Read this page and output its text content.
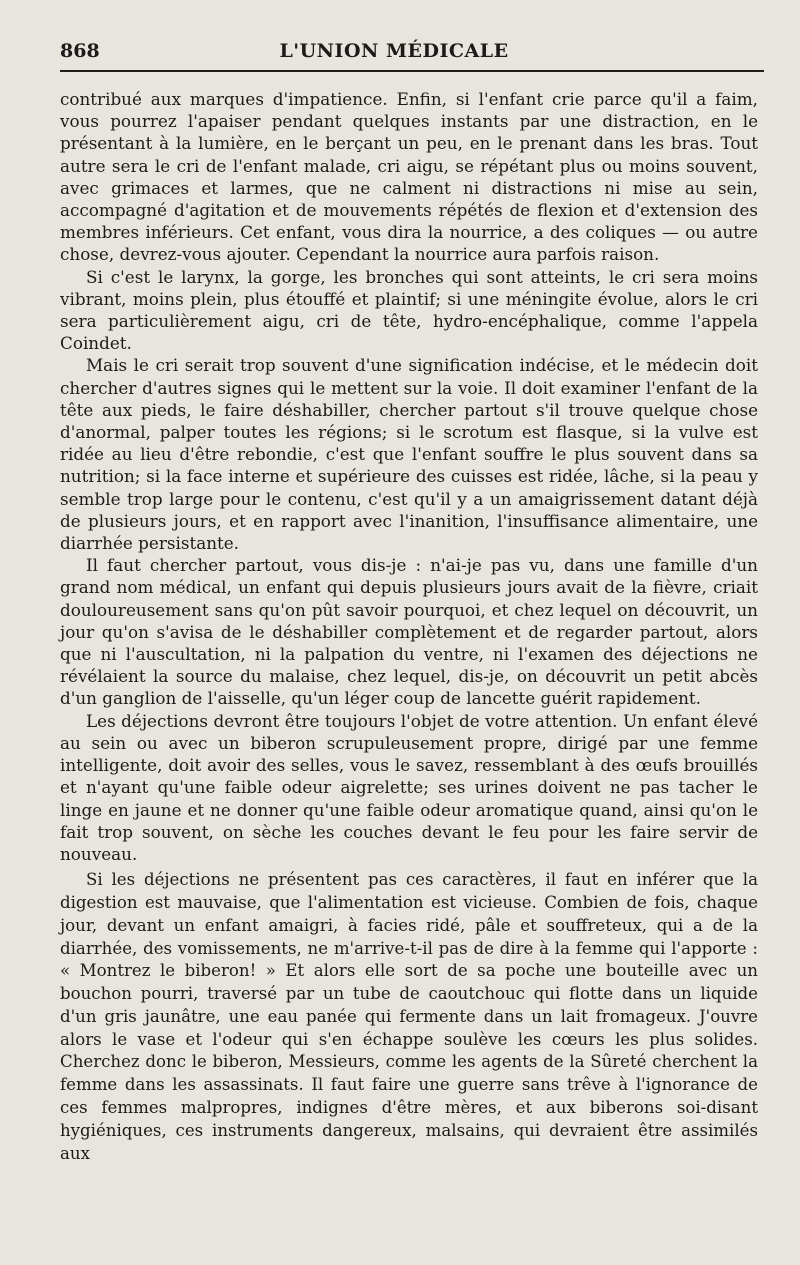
868	L'UNION MÉDICALE

contribué aux marques d'impatience. Enfin, si l'enfant crie parce qu'il a faim, vous pourrez l'apaiser pendant quelques instants par une distraction, en le présentant à la lumière, en le berçant un peu, en le prenant dans les bras. Tout autre sera le cri de l'enfant malade, cri aigu, se répétant plus ou moins souvent, avec grimaces et larmes, que ne calment ni distractions ni mise au sein, accompagné d'agitation et de mouvements répétés de flexion et d'extension des membres inférieurs. Cet enfant, vous dira la nourrice, a des coliques — ou autre chose, devrez-vous ajouter. Cependant la nourrice aura parfois raison.

Si c'est le larynx, la gorge, les bronches qui sont atteints, le cri sera moins vibrant, moins plein, plus étouffé et plaintif; si une méningite évolue, alors le cri sera particulièrement aigu, cri de tête, hydro-encéphalique, comme l'appela Coindet.

Mais le cri serait trop souvent d'une signification indécise, et le médecin doit chercher d'autres signes qui le mettent sur la voie. Il doit examiner l'enfant de la tête aux pieds, le faire déshabiller, chercher partout s'il trouve quelque chose d'anormal, palper toutes les régions; si le scrotum est flasque, si la vulve est ridée au lieu d'être rebondie, c'est que l'enfant souffre le plus souvent dans sa nutrition; si la face interne et supérieure des cuisses est ridée, lâche, si la peau y semble trop large pour le contenu, c'est qu'il y a un amaigrissement datant déjà de plusieurs jours, et en rapport avec l'inanition, l'insuffisance alimentaire, une diarrhée persistante.

Il faut chercher partout, vous dis-je : n'ai-je pas vu, dans une famille d'un grand nom médical, un enfant qui depuis plusieurs jours avait de la fièvre, criait douloureusement sans qu'on pût savoir pourquoi, et chez lequel on découvrit, un jour qu'on s'avisa de le déshabiller complètement et de regarder partout, alors que ni l'auscultation, ni la palpation du ventre, ni l'examen des déjections ne révélaient la source du malaise, chez lequel, dis-je, on découvrit un petit abcès d'un ganglion de l'aisselle, qu'un léger coup de lancette guérit rapidement.

Les déjections devront être toujours l'objet de votre attention. Un enfant élevé au sein ou avec un biberon scrupuleusement propre, dirigé par une femme intelligente, doit avoir des selles, vous le savez, ressemblant à des œufs brouillés et n'ayant qu'une faible odeur aigrelette; ses urines doivent ne pas tacher le linge en jaune et ne donner qu'une faible odeur aromatique quand, ainsi qu'on le fait trop souvent, on sèche les couches devant le feu pour les faire servir de nouveau.

Si les déjections ne présentent pas ces caractères, il faut en inférer que la digestion est mauvaise, que l'alimentation est vicieuse. Combien de fois, chaque jour, devant un enfant amaigri, à facies ridé, pâle et souffreteux, qui a de la diarrhée, des vomissements, ne m'arrive-t-il pas de dire à la femme qui l'apporte : « Montrez le biberon! » Et alors elle sort de sa poche une bouteille avec un bouchon pourri, traversé par un tube de caoutchouc qui flotte dans un liquide d'un gris jaunâtre, une eau panée qui fermente dans un lait fromageux. J'ouvre alors le vase et l'odeur qui s'en échappe soulève les cœurs les plus solides. Cherchez donc le biberon, Messieurs, comme les agents de la Sûreté cherchent la femme dans les assassinats. Il faut faire une guerre sans trêve à l'ignorance de ces femmes malpropres, indignes d'être mères, et aux biberons soi-disant hygiéniques, ces instruments dangereux, malsains, qui devraient être assimilés aux
